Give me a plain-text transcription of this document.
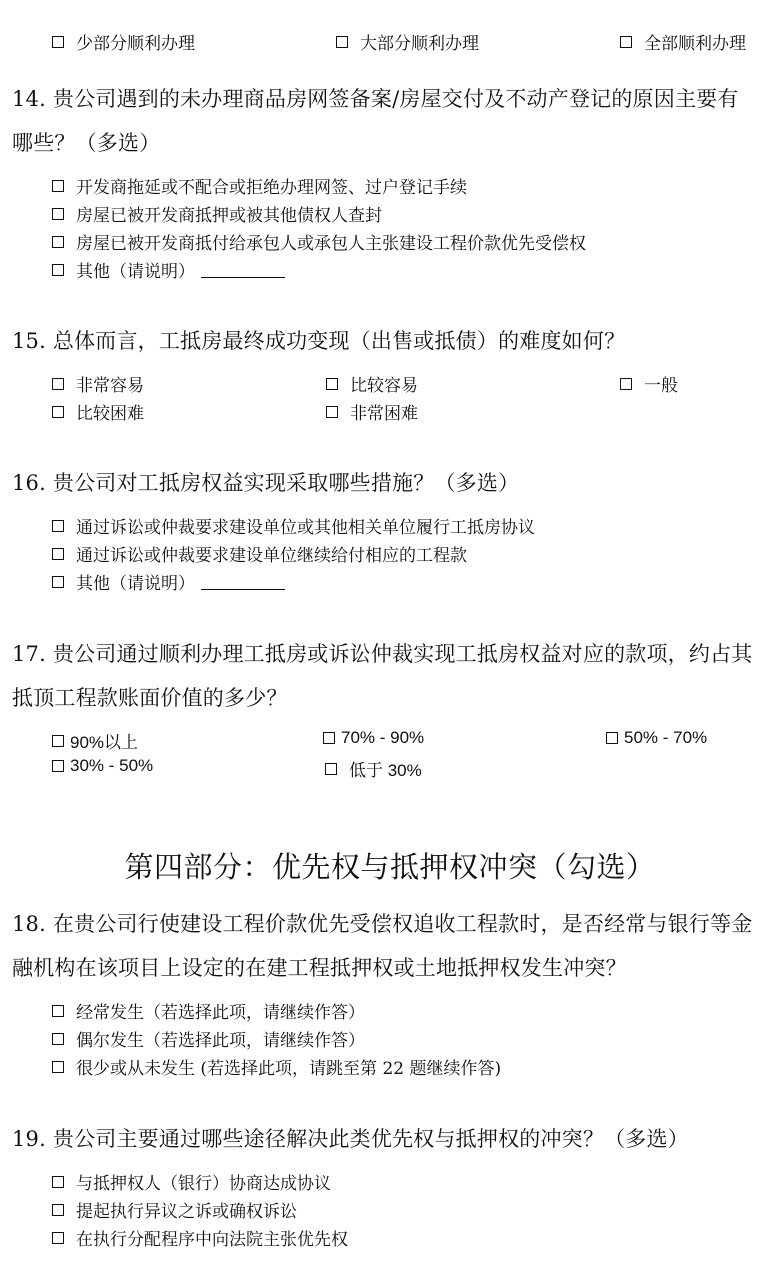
少部分顺利办理	大部分顺利办理	全部顺利办理
14. 贵公司遇到的未办理商品房网签备案/房屋交付及不动产登记的原因主要有
哪些？（多选）
开发商拖延或不配合或拒绝办理网签、过户登记手续
房屋已被开发商抵押或被其他债权人查封
房屋已被开发商抵付给承包人或承包人主张建设工程价款优先受偿权
其他（请说明）
15. 总体而言，工抵房最终成功变现（出售或抵债）的难度如何？
非常容易	比较容易	一般
比较困难	非常困难
16. 贵公司对工抵房权益实现采取哪些措施？（多选）
通过诉讼或仲裁要求建设单位或其他相关单位履行工抵房协议
通过诉讼或仲裁要求建设单位继续给付相应的工程款
其他（请说明）
17. 贵公司通过顺利办理工抵房或诉讼仲裁实现工抵房权益对应的款项，约占其
抵顶工程款账面价值的多少？
90%以上	70% - 90%	50% - 70%
30% - 50%	低于 30%
第四部分：优先权与抵押权冲突（勾选）
18. 在贵公司行使建设工程价款优先受偿权追收工程款时，是否经常与银行等金
融机构在该项目上设定的在建工程抵押权或土地抵押权发生冲突？
经常发生（若选择此项，请继续作答）
偶尔发生（若选择此项，请继续作答）
很少或从未发生 (若选择此项，请跳至第 22 题继续作答)
19. 贵公司主要通过哪些途径解决此类优先权与抵押权的冲突？（多选）
与抵押权人（银行）协商达成协议
提起执行异议之诉或确权诉讼
在执行分配程序中向法院主张优先权
